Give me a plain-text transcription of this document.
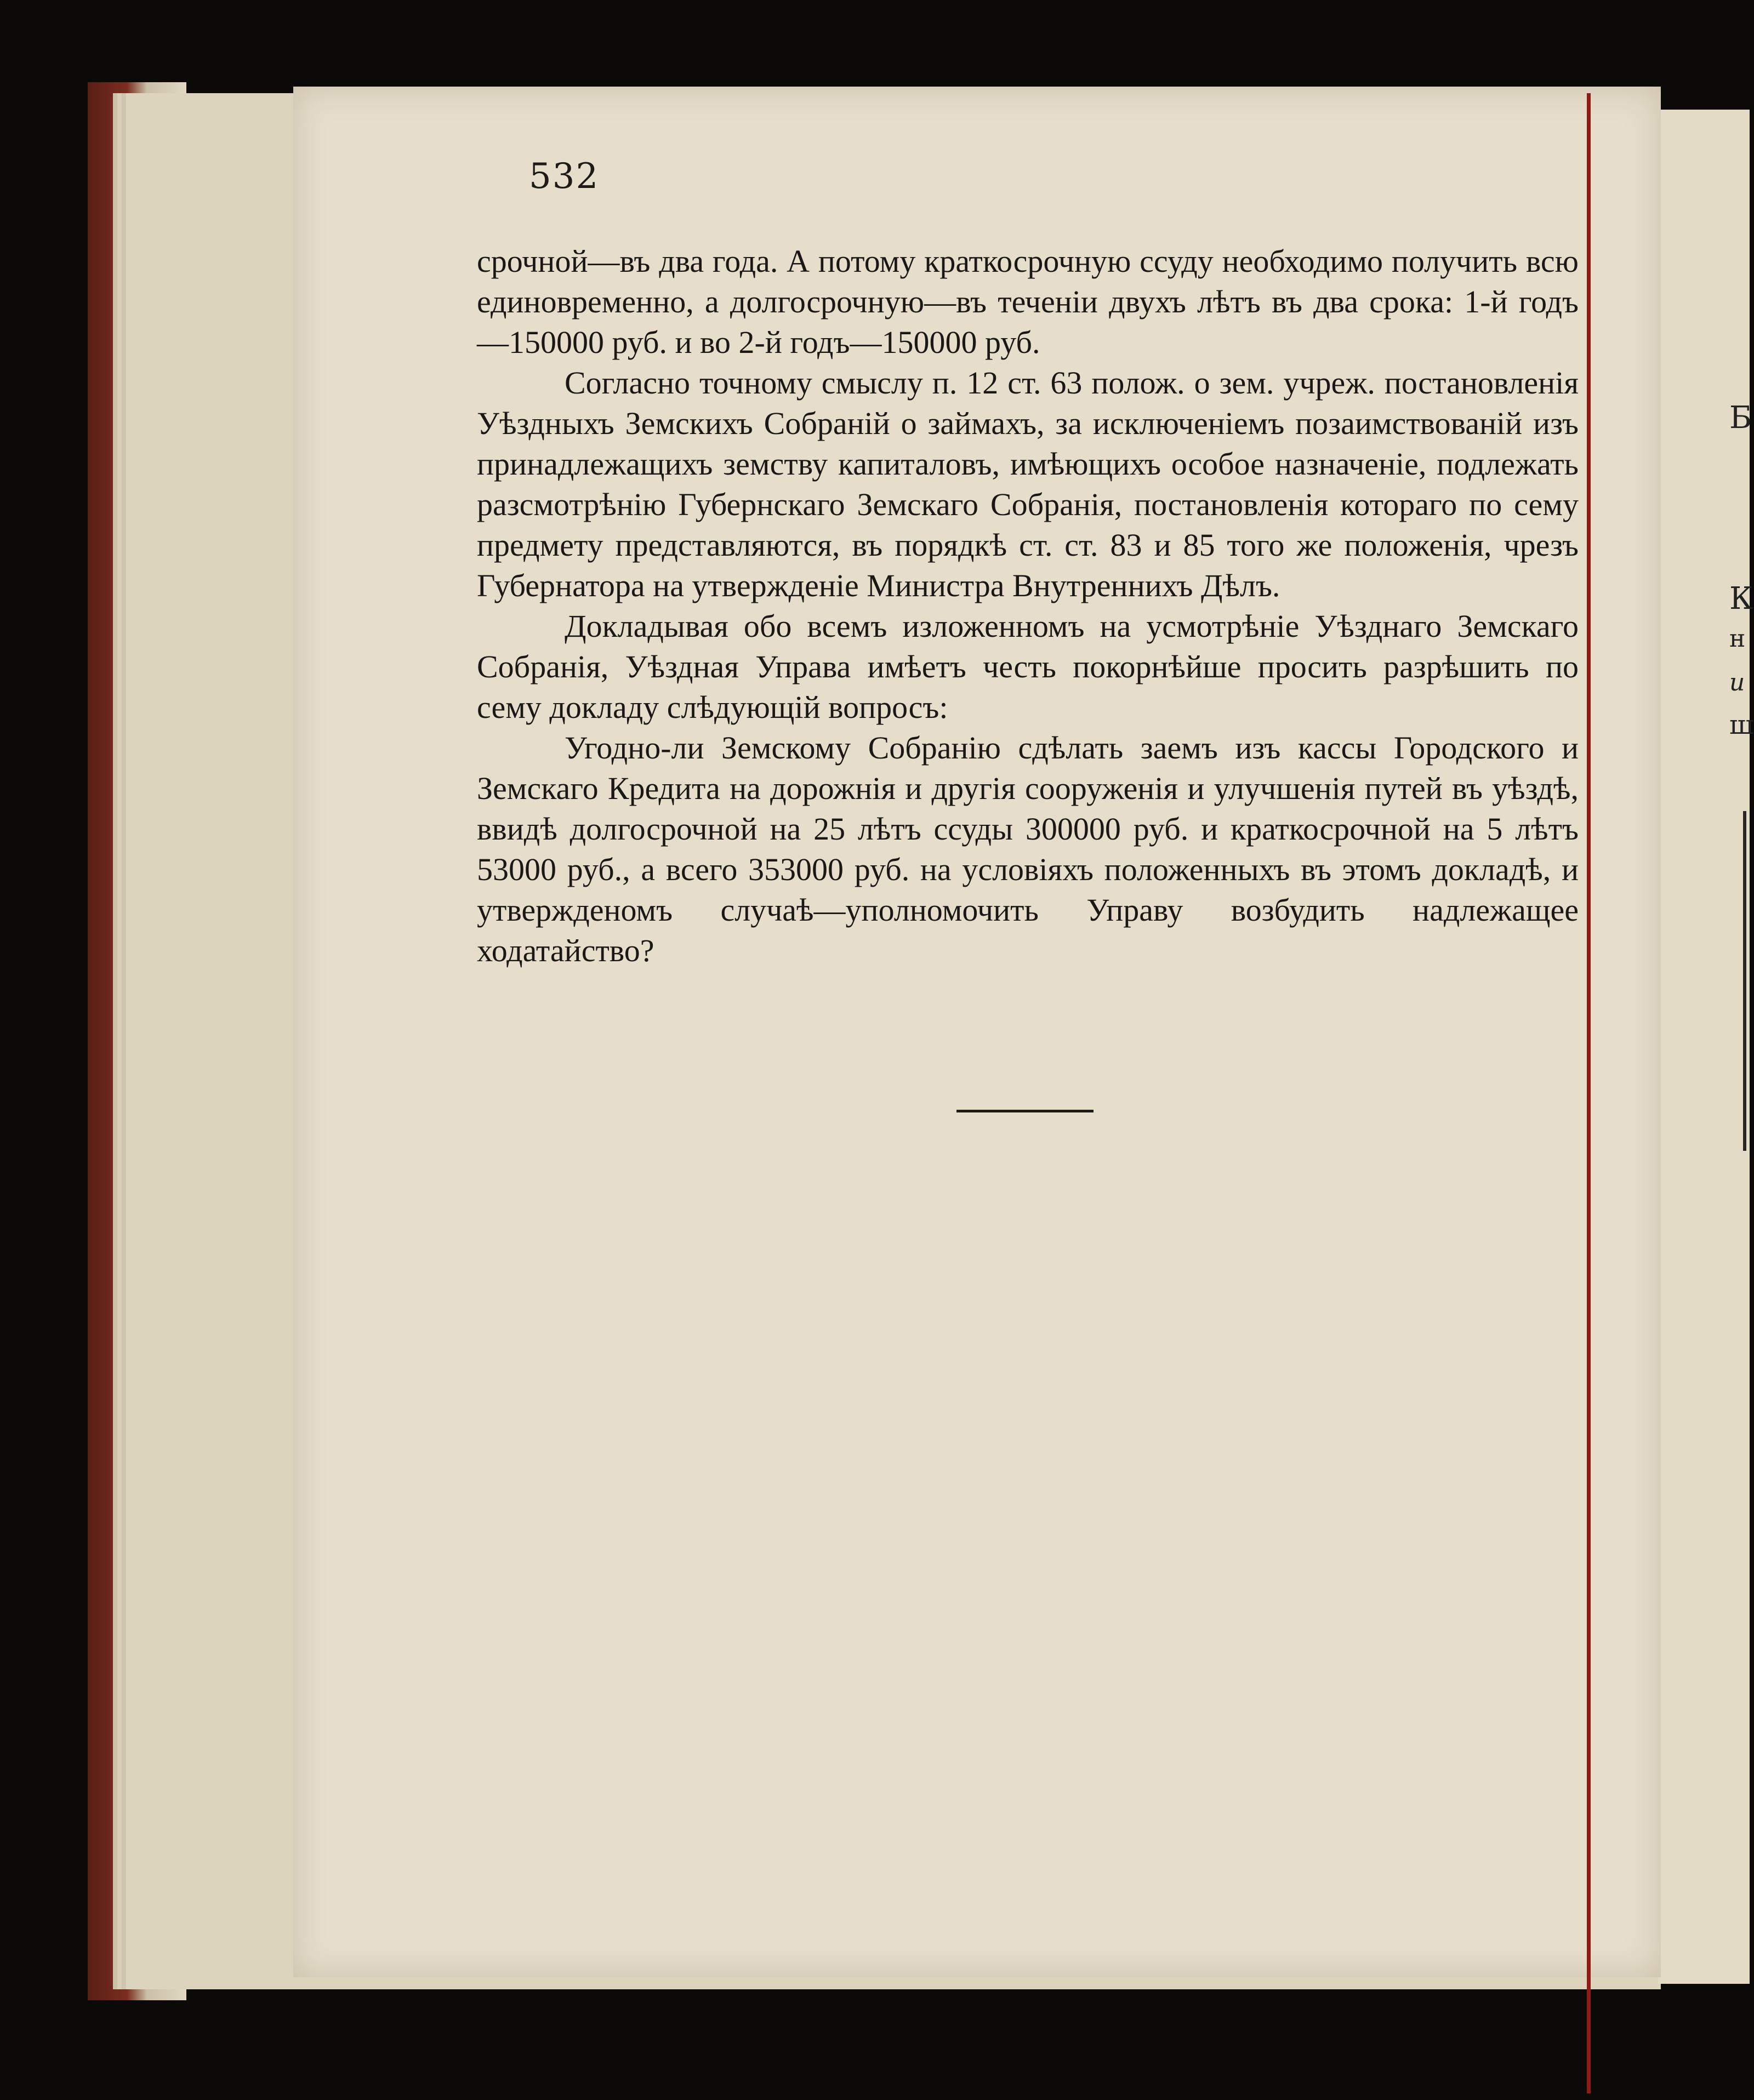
Б
К
н
и
ш
532

срочной—въ два года. А потому краткосрочную ссуду необходимо получить всю единовременно, а долгосрочную—въ теченіи двухъ лѣтъ въ два срока: 1-й годъ—150000 руб. и во 2-й годъ—150000 руб.

Согласно точному смыслу п. 12 ст. 63 полож. о зем. учреж. постановленія Уѣздныхъ Земскихъ Собраній о займахъ, за исключеніемъ позаимствованій изъ принадлежащихъ земству капиталовъ, имѣющихъ особое назначеніе, подлежать разсмотрѣнію Губернскаго Земскаго Собранія, постановленія котораго по сему предмету представляются, въ порядкѣ ст. ст. 83 и 85 того же положенія, чрезъ Губернатора на утвержденіе Министра Внутреннихъ Дѣлъ.

Докладывая обо всемъ изложенномъ на усмотрѣніе Уѣзднаго Земскаго Собранія, Уѣздная Управа имѣетъ честь покорнѣйше просить разрѣшить по сему докладу слѣдующій вопросъ:

Угодно-ли Земскому Собранію сдѣлать заемъ изъ кассы Городского и Земскаго Кредита на дорожнія и другія сооруженія и улучшенія путей въ уѣздѣ, ввидѣ долгосрочной на 25 лѣтъ ссуды 300000 руб. и краткосрочной на 5 лѣтъ 53000 руб., а всего 353000 руб. на условіяхъ положенныхъ въ этомъ докладѣ, и утвержденомъ случаѣ—уполномочить Управу возбудить надлежащее ходатайство?
